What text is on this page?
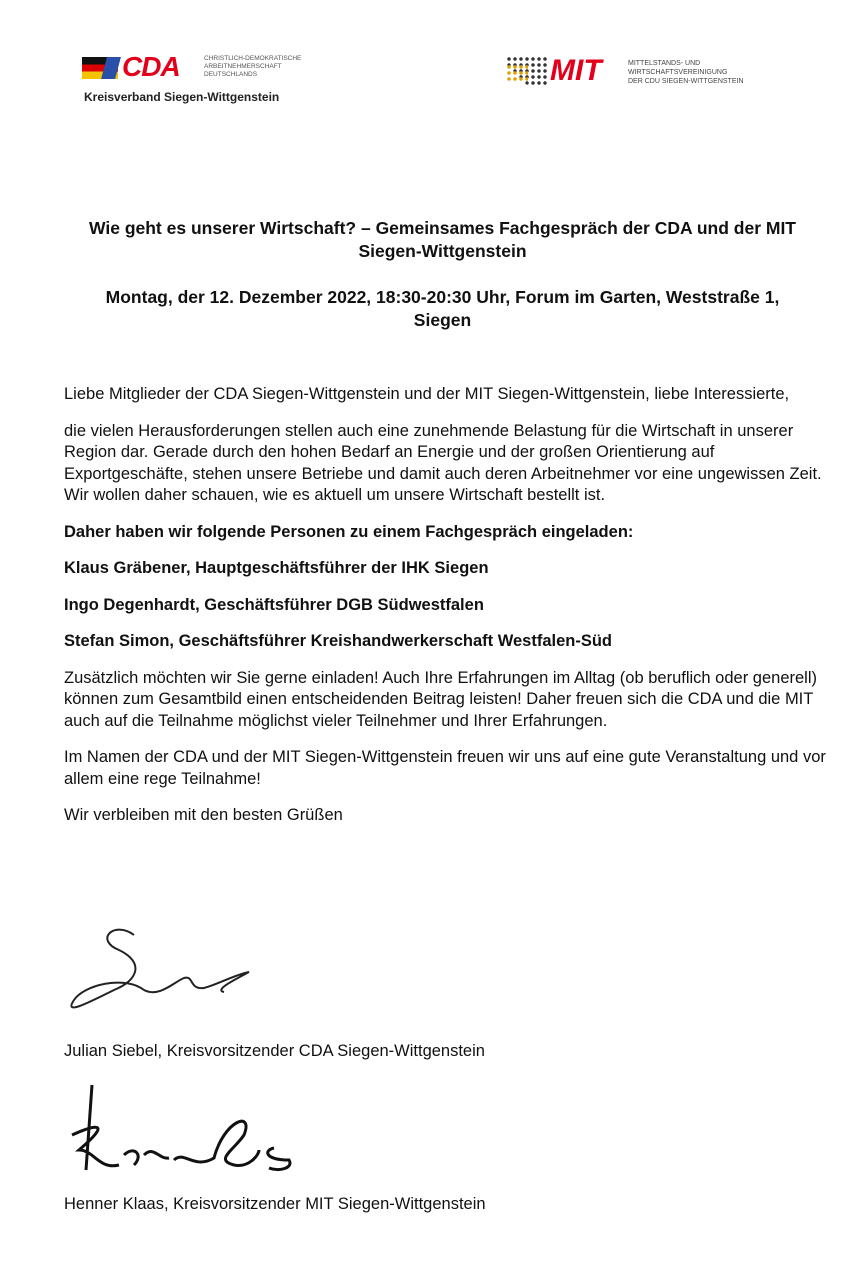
CDA	CHRISTLICH-DEMOKRATISCHE
ARBEITNEHMERSCHAFT
DEUTSCHLANDS
Kreisverband Siegen-Wittgenstein
MIT	MITTELSTANDS- UND
WIRTSCHAFTSVEREINIGUNG
DER CDU SIEGEN-WITTGENSTEIN
Wie geht es unserer Wirtschaft? – Gemeinsames Fachgespräch der CDA und der MIT Siegen-Wittgenstein
Montag, der 12. Dezember 2022, 18:30-20:30 Uhr, Forum im Garten, Weststraße 1, Siegen

Liebe Mitglieder der CDA Siegen-Wittgenstein und der MIT Siegen-Wittgenstein, liebe Interessierte,

die vielen Herausforderungen stellen auch eine zunehmende Belastung für die Wirtschaft in unserer Region dar. Gerade durch den hohen Bedarf an Energie und der großen Orientierung auf Exportgeschäfte, stehen unsere Betriebe und damit auch deren Arbeitnehmer vor eine ungewissen Zeit. Wir wollen daher schauen, wie es aktuell um unsere Wirtschaft bestellt ist.

Daher haben wir folgende Personen zu einem Fachgespräch eingeladen:

Klaus Gräbener, Hauptgeschäftsführer der IHK Siegen

Ingo Degenhardt, Geschäftsführer DGB Südwestfalen

Stefan Simon, Geschäftsführer Kreishandwerkerschaft Westfalen-Süd

Zusätzlich möchten wir Sie gerne einladen! Auch Ihre Erfahrungen im Alltag (ob beruflich oder generell) können zum Gesamtbild einen entscheidenden Beitrag leisten! Daher freuen sich die CDA und die MIT auch auf die Teilnahme möglichst vieler Teilnehmer und Ihrer Erfahrungen.

Im Namen der CDA und der MIT Siegen-Wittgenstein freuen wir uns auf eine gute Veranstaltung und vor allem eine rege Teilnahme!

Wir verbleiben mit den besten Grüßen

Julian Siebel, Kreisvorsitzender CDA Siegen-Wittgenstein
Henner Klaas, Kreisvorsitzender MIT Siegen-Wittgenstein
